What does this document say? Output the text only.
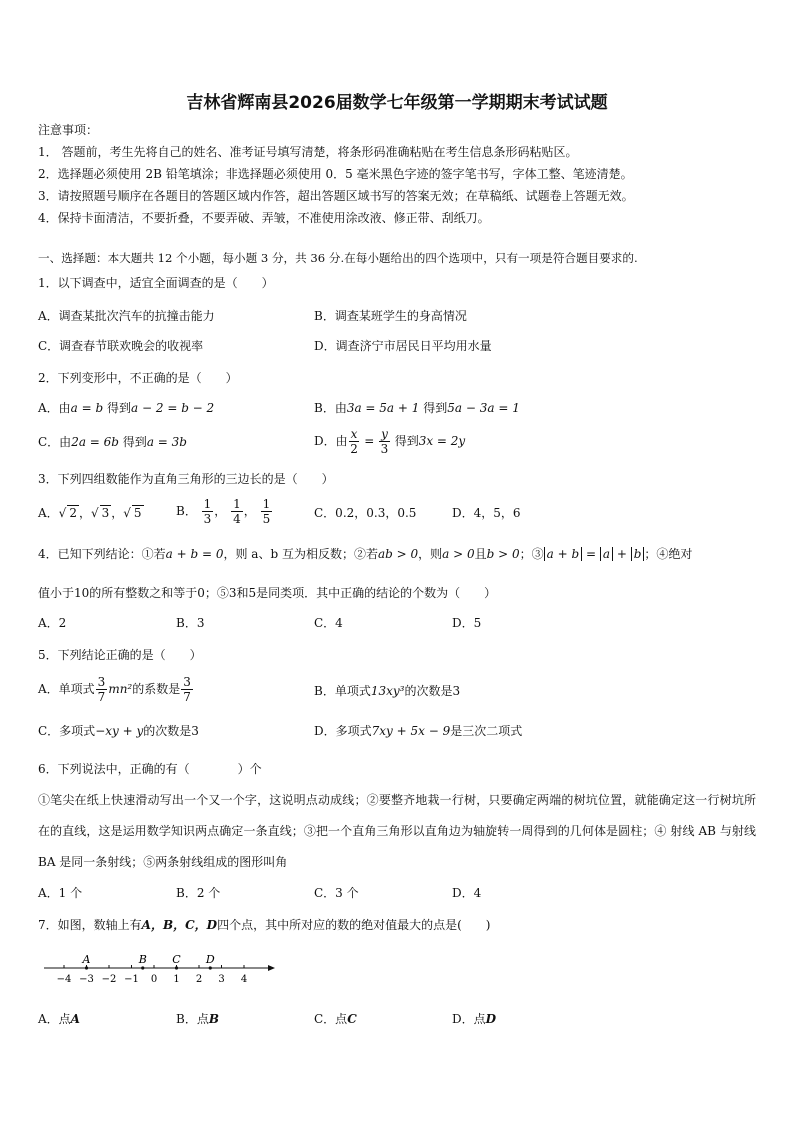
吉林省辉南县2026届数学七年级第一学期期末考试试题
注意事项：
1． 答题前，考生先将自己的姓名、准考证号填写清楚，将条形码准确粘贴在考生信息条形码粘贴区。
2．选择题必须使用 2B 铅笔填涂；非选择题必须使用 0．5 毫米黑色字迹的签字笔书写，字体工整、笔迹清楚。
3．请按照题号顺序在各题目的答题区域内作答，超出答题区域书写的答案无效；在草稿纸、试题卷上答题无效。
4．保持卡面清洁，不要折叠，不要弄破、弄皱，不准使用涂改液、修正带、刮纸刀。
一、选择题：本大题共 12 个小题，每小题 3 分，共 36 分.在每小题给出的四个选项中，只有一项是符合题目要求的.
1．以下调查中，适宜全面调查的是（　　）
A．调查某批次汽车的抗撞击能力	B．调查某班学生的身高情况
C．调查春节联欢晚会的收视率	D．调查济宁市居民日平均用水量
2．下列变形中，不正确的是（　　）
A．由a = b 得到a − 2 = b − 2	B．由3a = 5a + 1 得到5a − 3a = 1
C．由2a = 6b 得到a = 3b	D．由 $\frac{x}{2} = \frac{y}{3}$ 得到3x = 2y
3．下列四组数能作为直角三角形的三边长的是（　　）
A．√ 2 ，√ 3 ，√ 5	B． $\frac{1}{3}$ ， $\frac{1}{4}$ ， $\frac{1}{5}$	C．0.2，0.3，0.5	D．4，5，6
4．已知下列结论：①若a + b = 0，则 a、b 互为相反数；②若ab > 0，则a > 0且b > 0；③ a + b = a + b ；④绝对
值小于10的所有整数之和等于0；⑤3和5是同类项．其中正确的结论的个数为（　　）
A．2	B．3	C．4	D．5
5．下列结论正确的是（　　）
A．单项式 $\frac{3}{7} mn^2$的系数是 $\frac{3}{7}$	B．单项式13xy³的次数是3
C．多项式−xy + y的次数是3	D．多项式7xy + 5x − 9是三次二项式
6．下列说法中，正确的有（　　　　）个
①笔尖在纸上快速滑动写出一个又一个字，这说明点动成线；②要整齐地栽一行树，只要确定两端的树坑位置，就能确定这一行树坑所在的直线，这是运用数学知识两点确定一条直线；③把一个直角三角形以直角边为轴旋转一周得到的几何体是圆柱；④ 射线 AB 与射线 BA 是同一条射线；⑤两条射线组成的图形叫角
A．1 个	B．2 个	C．3 个	D．4
7．如图，数轴上有A，B，C，D四个点，其中所对应的数的绝对值最大的点是(　　)
−4 −3 −2 −1 0 1 2 3 4
A	B C D
A．点A	B．点B	C．点C	D．点D
